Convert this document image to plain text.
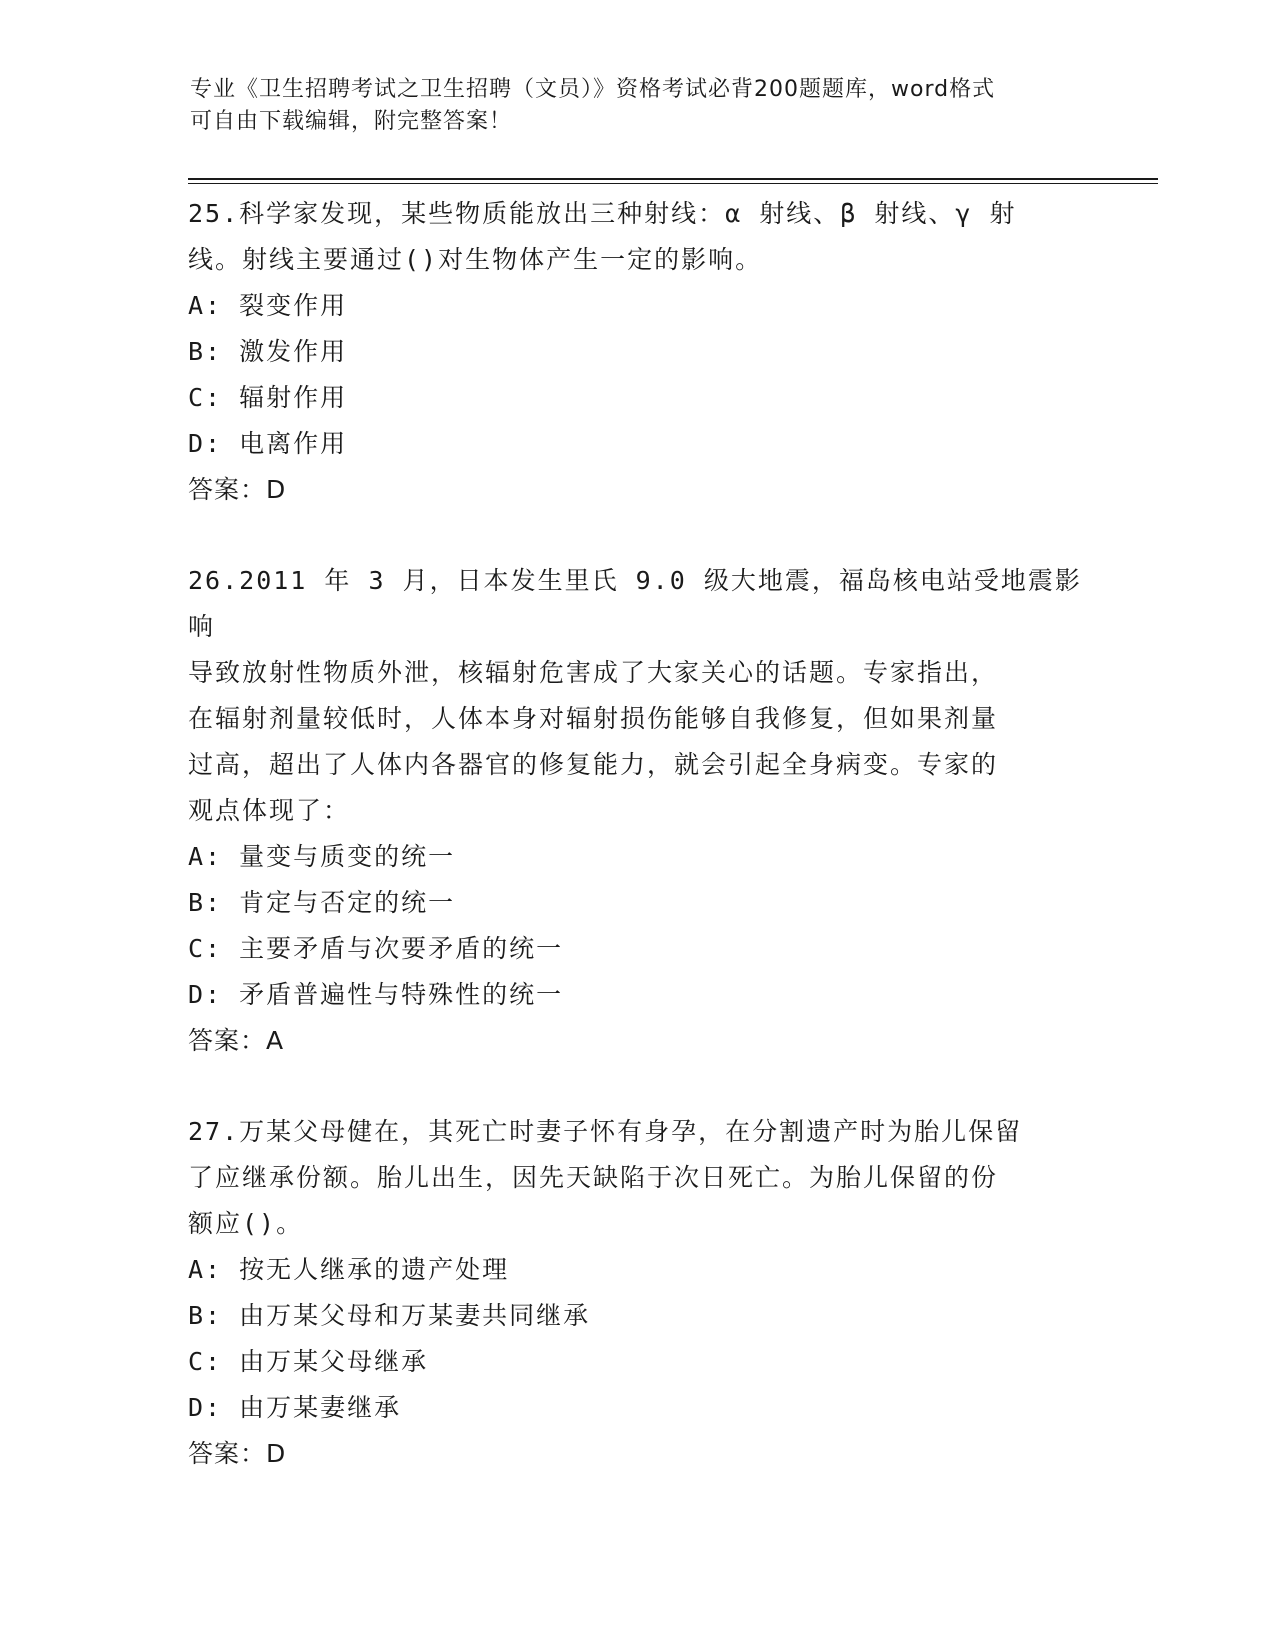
专业《卫生招聘考试之卫生招聘（文员）》资格考试必背200题题库，word格式
可自由下载编辑，附完整答案！
25.科学家发现，某些物质能放出三种射线：α 射线、β 射线、γ 射
线。射线主要通过()对生物体产生一定的影响。
A: 裂变作用
B: 激发作用
C: 辐射作用
D: 电离作用
答案：D
26.2011 年 3 月，日本发生里氏 9.0 级大地震，福岛核电站受地震影响
导致放射性物质外泄，核辐射危害成了大家关心的话题。专家指出，
在辐射剂量较低时，人体本身对辐射损伤能够自我修复，但如果剂量
过高，超出了人体内各器官的修复能力，就会引起全身病变。专家的
观点体现了：
A: 量变与质变的统一
B: 肯定与否定的统一
C: 主要矛盾与次要矛盾的统一
D: 矛盾普遍性与特殊性的统一
答案：A
27.万某父母健在，其死亡时妻子怀有身孕，在分割遗产时为胎儿保留
了应继承份额。胎儿出生，因先天缺陷于次日死亡。为胎儿保留的份
额应()。
A: 按无人继承的遗产处理
B: 由万某父母和万某妻共同继承
C: 由万某父母继承
D: 由万某妻继承
答案：D
